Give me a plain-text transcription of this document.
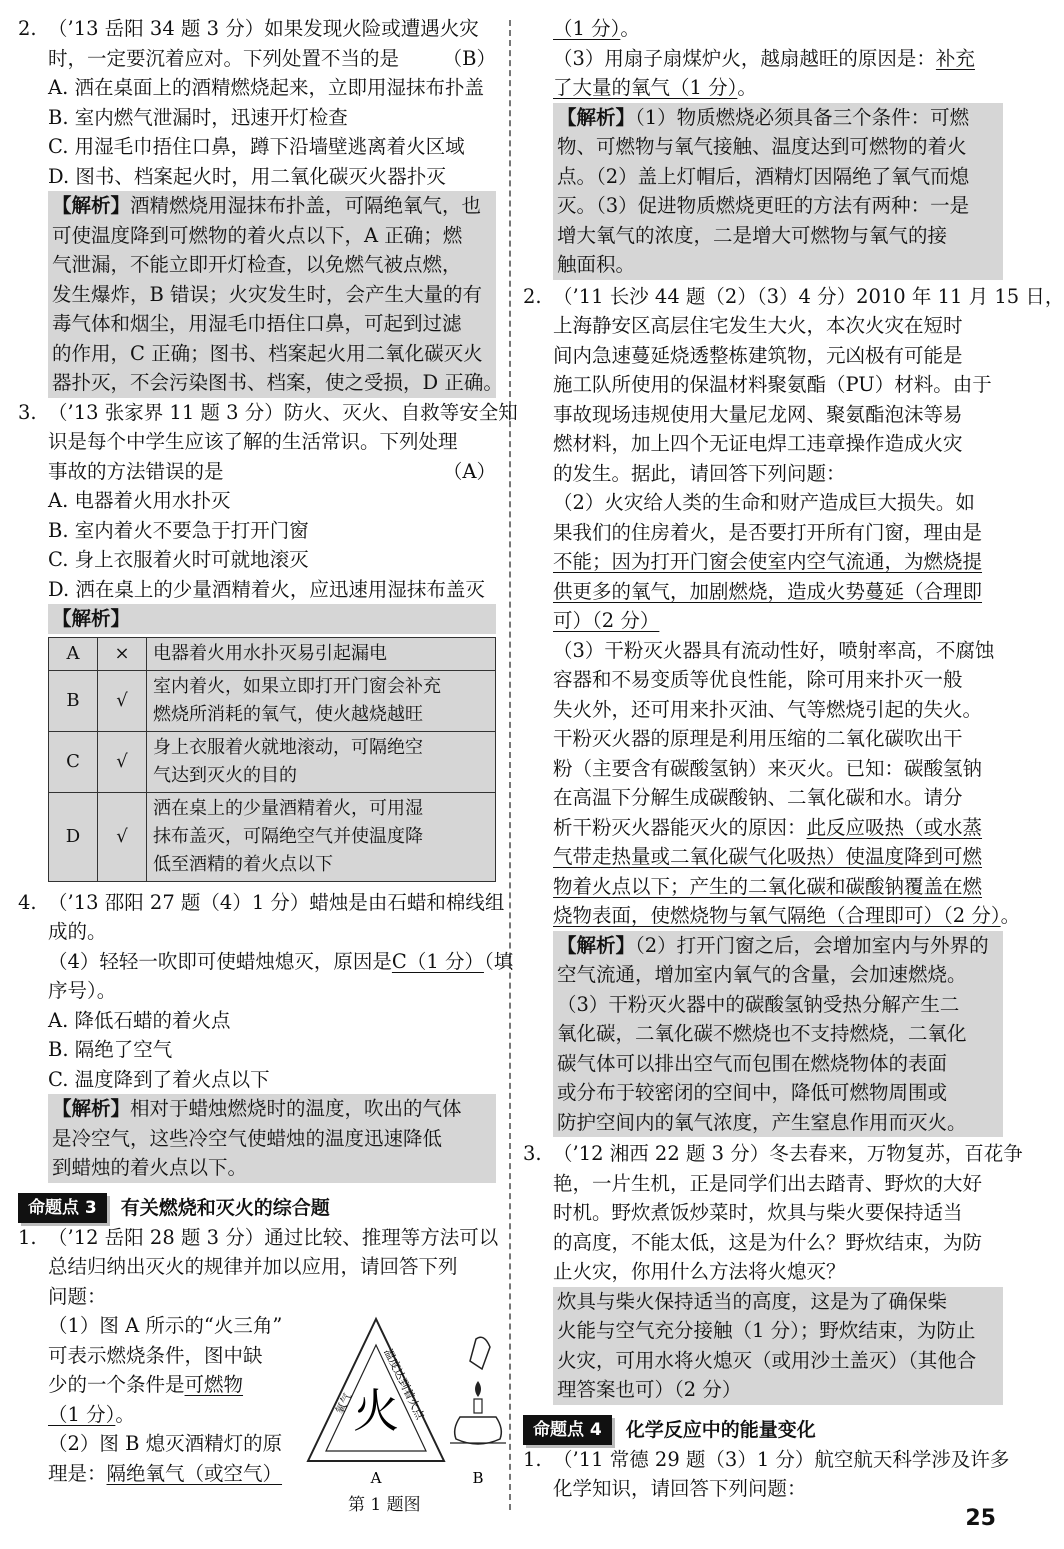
2. （’13 岳阳 34 题 3 分）如果发现火险或遭遇火灾
时，一定要沉着应对。下列处置不当的是 （B）
A. 洒在桌面上的酒精燃烧起来，立即用湿抹布扑盖
B. 室内燃气泄漏时，迅速开灯检查
C. 用湿毛巾捂住口鼻，蹲下沿墙壁逃离着火区域
D. 图书、档案起火时，用二氧化碳灭火器扑灭
【解析】酒精燃烧用湿抹布扑盖，可隔绝氧气，也
可使温度降到可燃物的着火点以下，A 正确；燃
气泄漏，不能立即开灯检查，以免燃气被点燃，
发生爆炸，B 错误；火灾发生时，会产生大量的有
毒气体和烟尘，用湿毛巾捂住口鼻，可起到过滤
的作用，C 正确；图书、档案起火用二氧化碳灭火
器扑灭，不会污染图书、档案，使之受损，D 正确。
3. （’13 张家界 11 题 3 分）防火、灭火、自救等安全知
识是每个中学生应该了解的生活常识。下列处理
事故的方法错误的是	（A）
A. 电器着火用水扑灭
B. 室内着火不要急于打开门窗
C. 身上衣服着火时可就地滚灭
D. 洒在桌上的少量酒精着火，应迅速用湿抹布盖灭
【解析】
A	×	电器着火用水扑灭易引起漏电

B	√	室内着火，如果立即打开门窗会补充
燃烧所消耗的氧气，使火越烧越旺

C	√	身上衣服着火就地滚动，可隔绝空
气达到灭火的目的

D	√	洒在桌上的少量酒精着火，可用湿
抹布盖灭，可隔绝空气并使温度降
低至酒精的着火点以下
4. （’13 邵阳 27 题（4）1 分）蜡烛是由石蜡和棉线组
成的。
（4）轻轻一吹即可使蜡烛熄灭，原因是C（1 分）（填
序号）。
A. 降低石蜡的着火点
B. 隔绝了空气
C. 温度降到了着火点以下
【解析】相对于蜡烛燃烧时的温度，吹出的气体
是冷空气，这些冷空气使蜡烛的温度迅速降低
到蜡烛的着火点以下。
命题点 3 有关燃烧和灭火的综合题
1. （’12 岳阳 28 题 3 分）通过比较、推理等方法可以
总结归纳出灭火的规律并加以应用，请回答下列
问题：
（1）图 A 所示的“火三角”
可表示燃烧条件，图中缺
少的一个条件是可燃物
（1 分）。
（2）图 B 熄灭酒精灯的原
理是：隔绝氧气（或空气）
火
氧气 温度达到着火点
A	B
第 1 题图
（1 分）。
（3）用扇子扇煤炉火，越扇越旺的原因是：补充
了大量的氧气（1 分）。
【解析】（1）物质燃烧必须具备三个条件：可燃
物、可燃物与氧气接触、温度达到可燃物的着火
点。（2）盖上灯帽后，酒精灯因隔绝了氧气而熄
灭。（3）促进物质燃烧更旺的方法有两种：一是
增大氧气的浓度，二是增大可燃物与氧气的接
触面积。
2. （’11 长沙 44 题（2）（3）4 分）2010 年 11 月 15 日，
上海静安区高层住宅发生大火，本次火灾在短时
间内急速蔓延烧透整栋建筑物，元凶极有可能是
施工队所使用的保温材料聚氨酯（PU）材料。由于
事故现场违规使用大量尼龙网、聚氨酯泡沫等易
燃材料，加上四个无证电焊工违章操作造成火灾
的发生。据此，请回答下列问题：
（2）火灾给人类的生命和财产造成巨大损失。如
果我们的住房着火，是否要打开所有门窗，理由是
不能；因为打开门窗会使室内空气流通，为燃烧提
供更多的氧气，加剧燃烧，造成火势蔓延（合理即
可）（2 分）
（3）干粉灭火器具有流动性好，喷射率高，不腐蚀
容器和不易变质等优良性能，除可用来扑灭一般
失火外，还可用来扑灭油、气等燃烧引起的失火。
干粉灭火器的原理是利用压缩的二氧化碳吹出干
粉（主要含有碳酸氢钠）来灭火。已知：碳酸氢钠
在高温下分解生成碳酸钠、二氧化碳和水。请分
析干粉灭火器能灭火的原因：此反应吸热（或水蒸
气带走热量或二氧化碳气化吸热）使温度降到可燃
物着火点以下；产生的二氧化碳和碳酸钠覆盖在燃
烧物表面，使燃烧物与氧气隔绝（合理即可）（2 分）。
【解析】（2）打开门窗之后，会增加室内与外界的
空气流通，增加室内氧气的含量，会加速燃烧。
（3）干粉灭火器中的碳酸氢钠受热分解产生二
氧化碳，二氧化碳不燃烧也不支持燃烧，二氧化
碳气体可以排出空气而包围在燃烧物体的表面
或分布于较密闭的空间中，降低可燃物周围或
防护空间内的氧气浓度，产生窒息作用而灭火。
3. （’12 湘西 22 题 3 分）冬去春来，万物复苏，百花争
艳，一片生机，正是同学们出去踏青、野炊的大好
时机。野炊煮饭炒菜时，炊具与柴火要保持适当
的高度，不能太低，这是为什么？野炊结束，为防
止火灾，你用什么方法将火熄灭？
炊具与柴火保持适当的高度，这是为了确保柴
火能与空气充分接触（1 分）；野炊结束，为防止
火灾，可用水将火熄灭（或用沙土盖灭）（其他合
理答案也可）（2 分）
命题点 4 化学反应中的能量变化
1. （’11 常德 29 题（3）1 分）航空航天科学涉及许多
化学知识，请回答下列问题：
25
